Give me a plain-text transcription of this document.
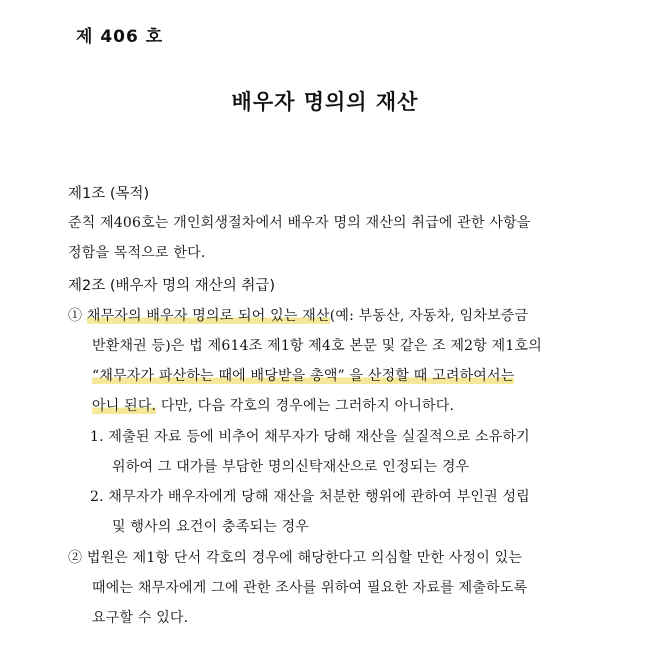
제 406 호
배우자 명의의 재산
제1조 (목적)
준칙 제406호는 개인회생절차에서 배우자 명의 재산의 취급에 관한 사항을
정함을 목적으로 한다.
제2조 (배우자 명의 재산의 취급)
① 채무자의 배우자 명의로 되어 있는 재산(예: 부동산, 자동차, 임차보증금
반환채권 등)은 법 제614조 제1항 제4호 본문 및 같은 조 제2항 제1호의
“채무자가 파산하는 때에 배당받을 총액” 을 산정할 때 고려하여서는
아니 된다. 다만, 다음 각호의 경우에는 그러하지 아니하다.
1. 제출된 자료 등에 비추어 채무자가 당해 재산을 실질적으로 소유하기
위하여 그 대가를 부담한 명의신탁재산으로 인정되는 경우
2. 채무자가 배우자에게 당해 재산을 처분한 행위에 관하여 부인권 성립
및 행사의 요건이 충족되는 경우
② 법원은 제1항 단서 각호의 경우에 해당한다고 의심할 만한 사정이 있는
때에는 채무자에게 그에 관한 조사를 위하여 필요한 자료를 제출하도록
요구할 수 있다.
